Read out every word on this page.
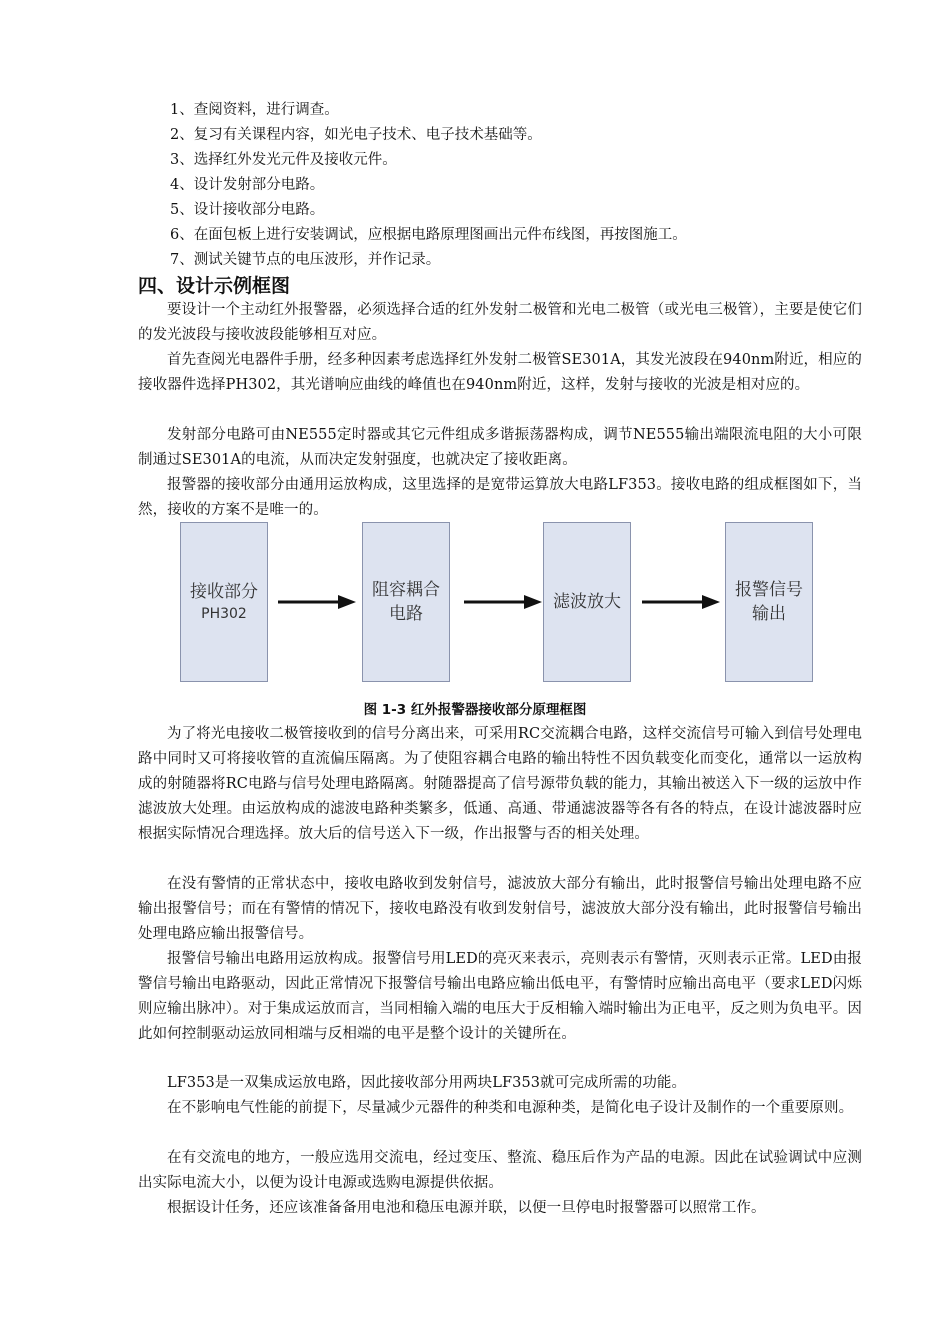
1、查阅资料，进行调查。
2、复习有关课程内容，如光电子技术、电子技术基础等。
3、选择红外发光元件及接收元件。
4、设计发射部分电路。
5、设计接收部分电路。
6、在面包板上进行安装调试，应根据电路原理图画出元件布线图，再按图施工。
7、测试关键节点的电压波形，并作记录。
四、设计示例框图

要设计一个主动红外报警器，必须选择合适的红外发射二极管和光电二极管（或光电三极管），主要是使它们的发光波段与接收波段能够相互对应。

首先查阅光电器件手册，经多种因素考虑选择红外发射二极管SE301A，其发光波段在940nm附近，相应的接收器件选择PH302，其光谱响应曲线的峰值也在940nm附近，这样，发射与接收的光波是相对应的。

发射部分电路可由NE555定时器或其它元件组成多谐振荡器构成，调节NE555输出端限流电阻的大小可限制通过SE301A的电流，从而决定发射强度，也就决定了接收距离。

报警器的接收部分由通用运放构成，这里选择的是宽带运算放大电路LF353。接收电路的组成框图如下，当然，接收的方案不是唯一的。

接收部分
PH302
阻容耦合
电路
滤波放大
报警信号
输出
图 1-3 红外报警器接收部分原理框图

为了将光电接收二极管接收到的信号分离出来，可采用RC交流耦合电路，这样交流信号可输入到信号处理电路中同时又可将接收管的直流偏压隔离。为了使阻容耦合电路的输出特性不因负载变化而变化，通常以一运放构成的射随器将RC电路与信号处理电路隔离。射随器提高了信号源带负载的能力，其输出被送入下一级的运放中作滤波放大处理。由运放构成的滤波电路种类繁多，低通、高通、带通滤波器等各有各的特点，在设计滤波器时应根据实际情况合理选择。放大后的信号送入下一级，作出报警与否的相关处理。

在没有警情的正常状态中，接收电路收到发射信号，滤波放大部分有输出，此时报警信号输出处理电路不应输出报警信号；而在有警情的情况下，接收电路没有收到发射信号，滤波放大部分没有输出，此时报警信号输出处理电路应输出报警信号。

报警信号输出电路用运放构成。报警信号用LED的亮灭来表示，亮则表示有警情，灭则表示正常。LED由报警信号输出电路驱动，因此正常情况下报警信号输出电路应输出低电平，有警情时应输出高电平（要求LED闪烁则应输出脉冲）。对于集成运放而言，当同相输入端的电压大于反相输入端时输出为正电平，反之则为负电平。因此如何控制驱动运放同相端与反相端的电平是整个设计的关键所在。

LF353是一双集成运放电路，因此接收部分用两块LF353就可完成所需的功能。

在不影响电气性能的前提下，尽量减少元器件的种类和电源种类，是简化电子设计及制作的一个重要原则。

在有交流电的地方，一般应选用交流电，经过变压、整流、稳压后作为产品的电源。因此在试验调试中应测出实际电流大小，以便为设计电源或选购电源提供依据。

根据设计任务，还应该准备备用电池和稳压电源并联，以便一旦停电时报警器可以照常工作。
